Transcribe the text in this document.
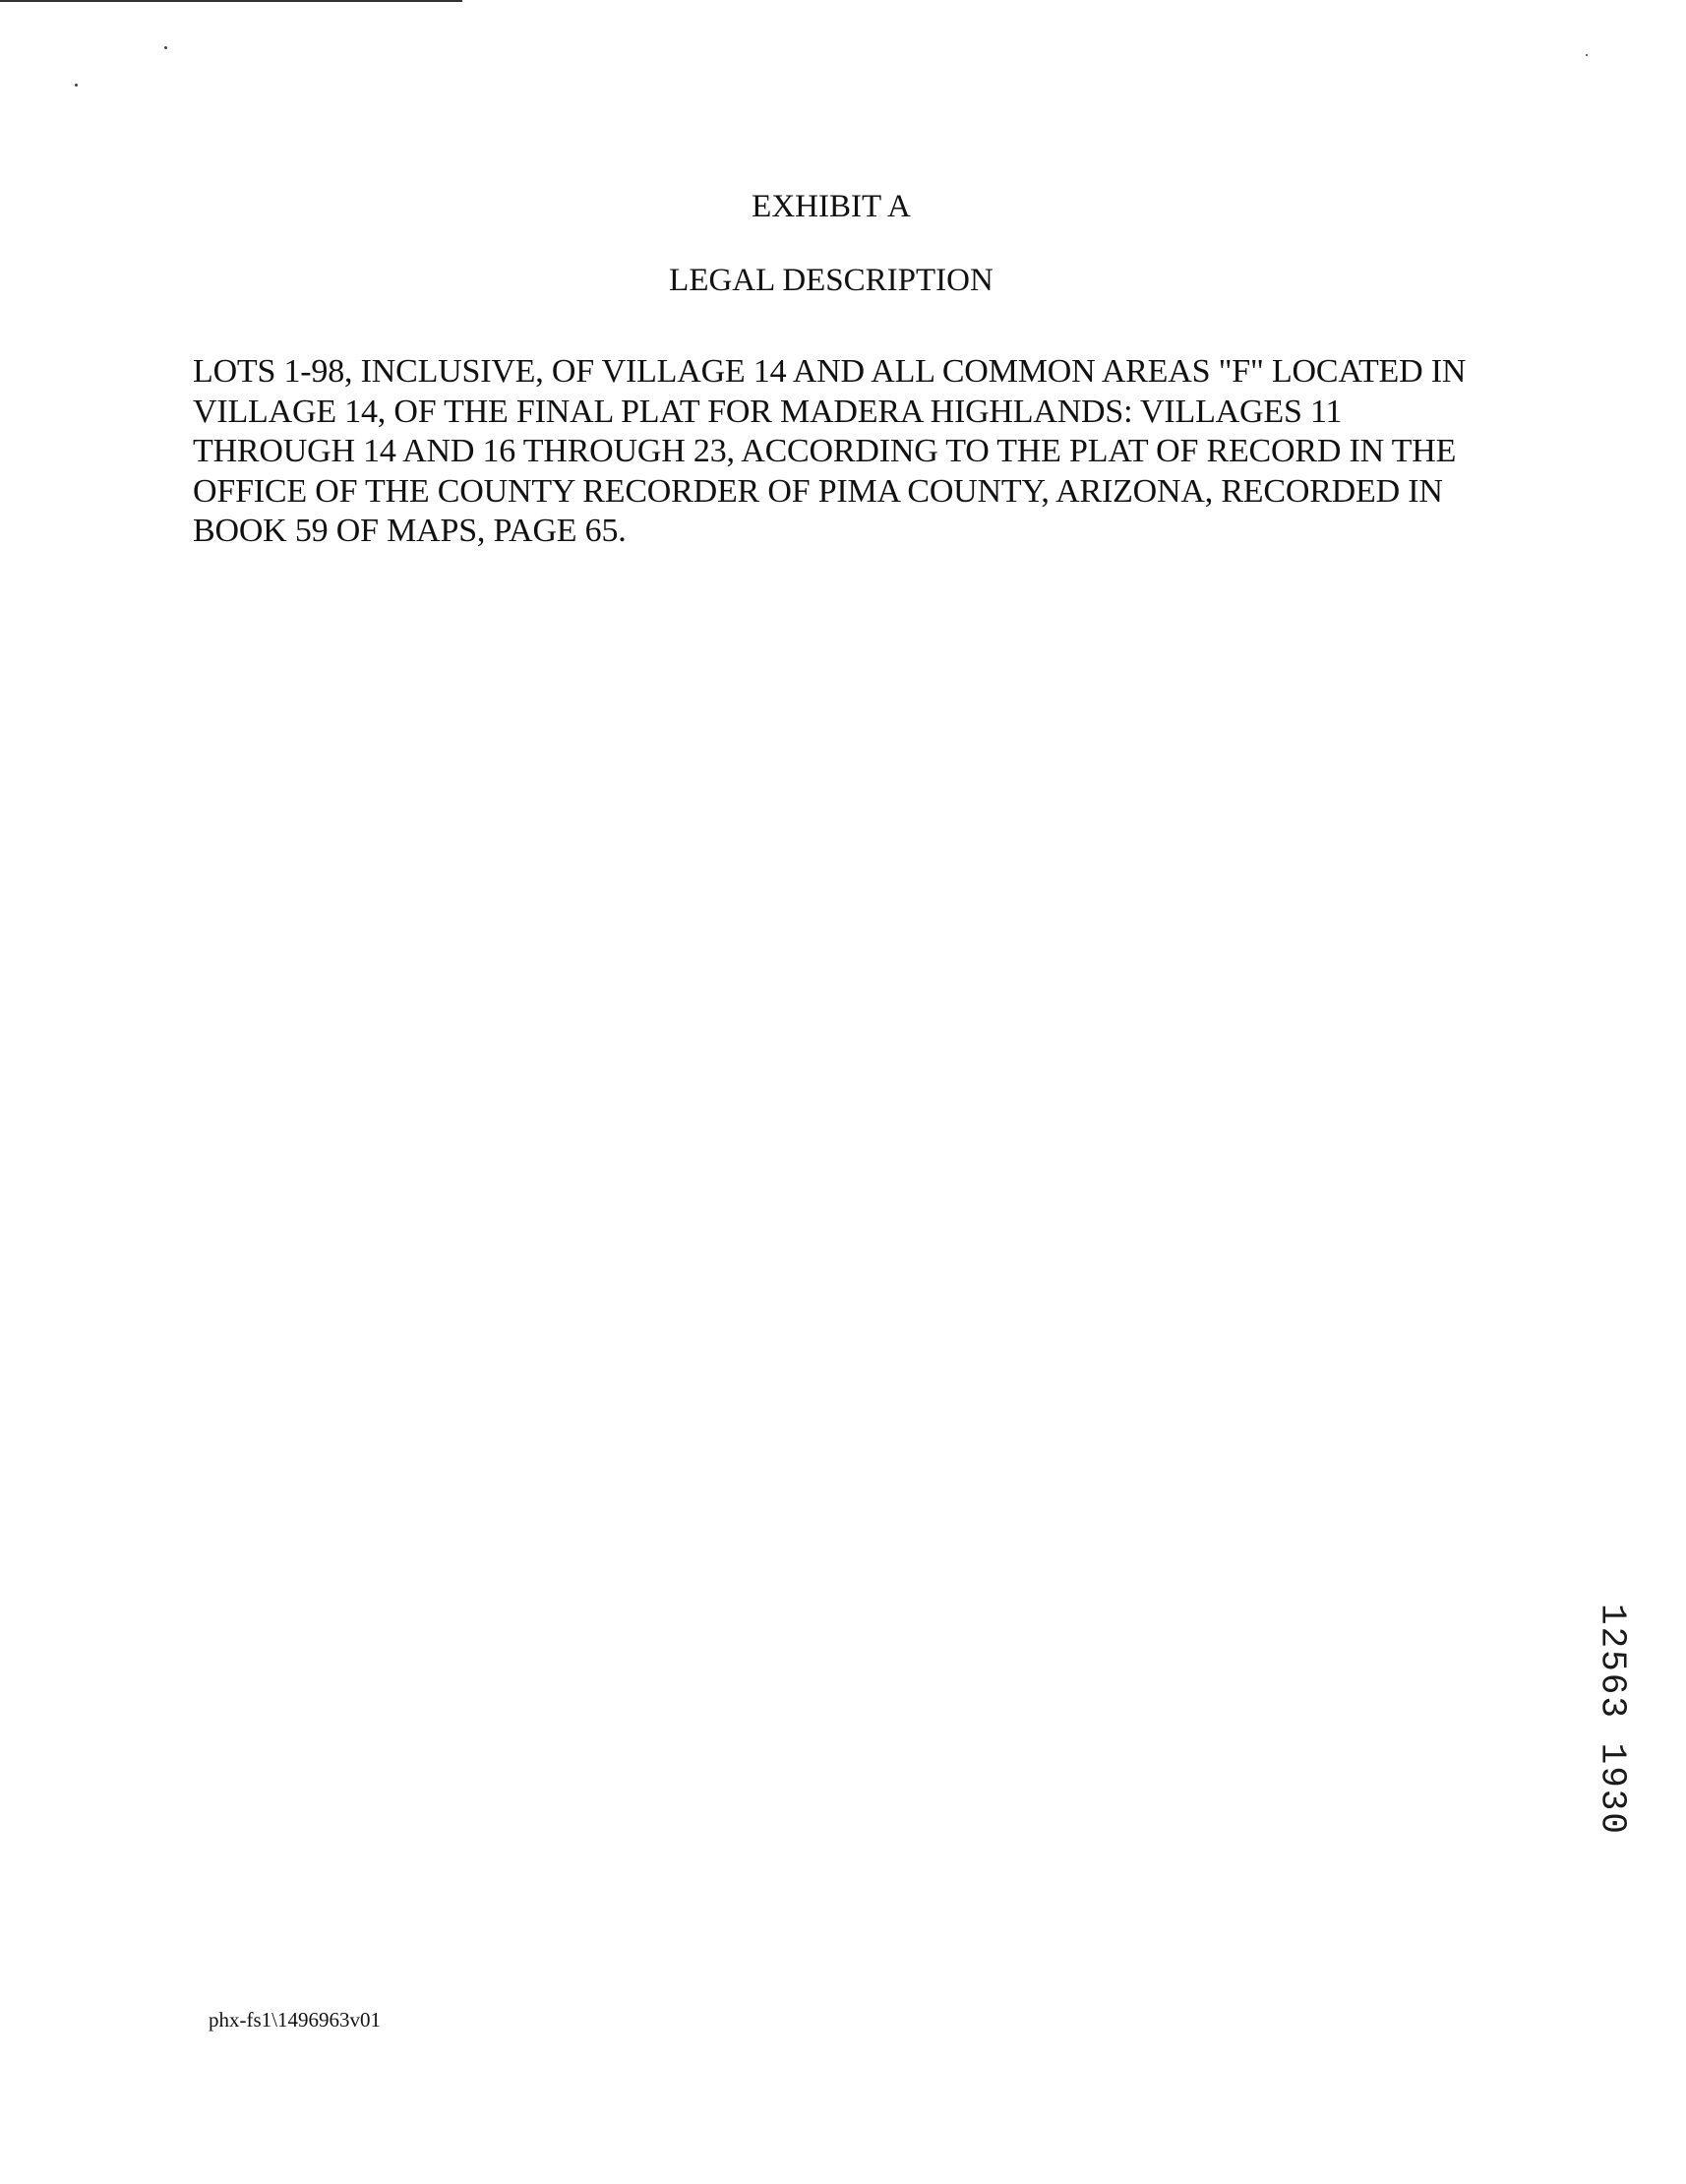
EXHIBIT A
LEGAL DESCRIPTION
LOTS 1-98, INCLUSIVE, OF VILLAGE 14 AND ALL COMMON AREAS "F" LOCATED IN
VILLAGE 14, OF THE FINAL PLAT FOR MADERA HIGHLANDS: VILLAGES 11
THROUGH 14 AND 16 THROUGH 23, ACCORDING TO THE PLAT OF RECORD IN THE
OFFICE OF THE COUNTY RECORDER OF PIMA COUNTY, ARIZONA, RECORDED IN
BOOK 59 OF MAPS, PAGE 65.
12563 1930
phx-fs1\1496963v01
